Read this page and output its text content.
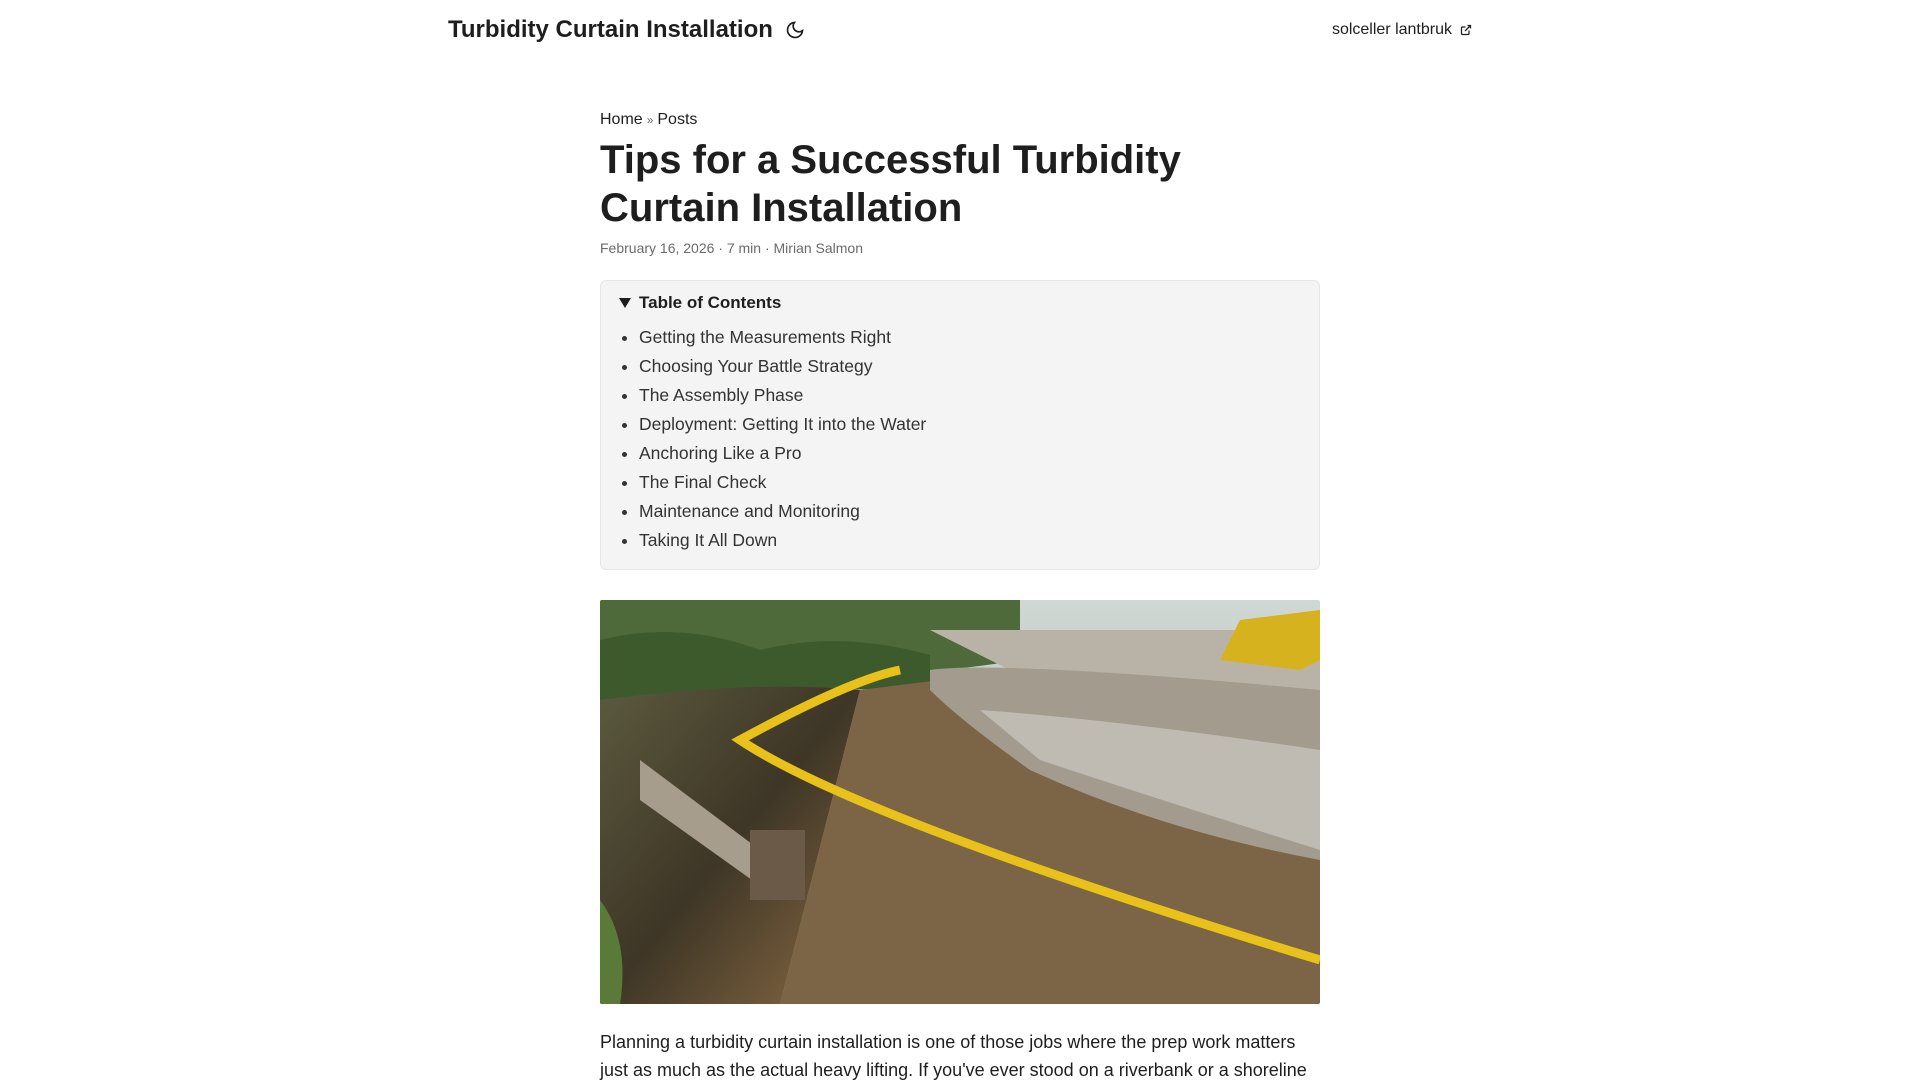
Turbidity Curtain Installation	solceller lantbruk
Home » Posts
Tips for a Successful Turbidity Curtain Installation
February 16, 2026 · 7 min · Mirian Salmon
Table of Contents
• Getting the Measurements Right
• Choosing Your Battle Strategy
• The Assembly Phase
• Deployment: Getting It into the Water
• Anchoring Like a Pro
• The Final Check
• Maintenance and Monitoring
• Taking It All Down

Planning a turbidity curtain installation is one of those jobs where the prep work matters just as much as the actual heavy lifting. If you've ever stood on a riverbank or a shoreline
